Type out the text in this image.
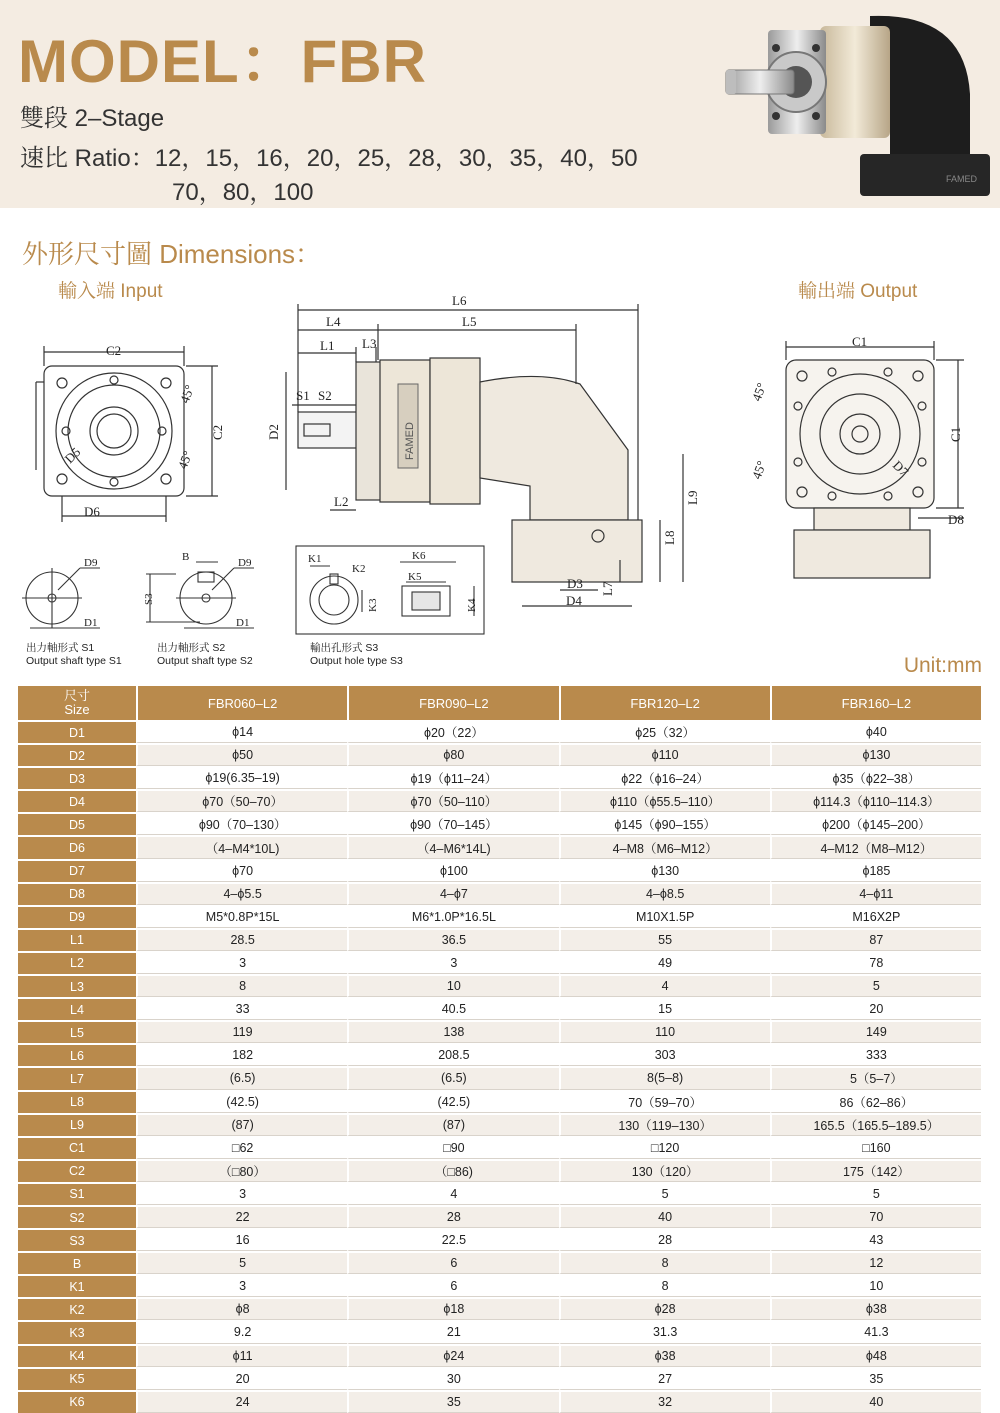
MODEL：FBR
雙段 2–Stage
速比 Ratio：12，15，16，20，25，28，30，35，40，50
70，80，100	FAMED
外形尺寸圖 Dimensions：
輸入端 Input	輸出端 Output
C2
C2
45°
45°
D6
D5	FAMED
L6
L4	L5
L1 L3
S1 S2
D2
L2
L8
L9
L7
D3
D4
C1
C1
45°
45°	D7
D8
D9
D1
B	D9
S3
D1
K1
K2
K3	K4
K5
K6
出力軸形式 S1
Output shaft type S1
出力軸形式 S2
Output shaft type S2
輸出孔形式 S3
Output hole type S3	Unit:mm
尺寸
Size	FBR060–L2	FBR090–L2	FBR120–L2	FBR160–L2
D1	ϕ14	ϕ20（22）	ϕ25（32）	ϕ40
D2	ϕ50	ϕ80	ϕ110	ϕ130
D3	ϕ19(6.35–19)	ϕ19（ϕ11–24）	ϕ22（ϕ16–24）	ϕ35（ϕ22–38）
D4	ϕ70（50–70）	ϕ70（50–110）	ϕ110（ϕ55.5–110）	ϕ114.3（ϕ110–114.3）
D5	ϕ90（70–130）	ϕ90（70–145）	ϕ145（ϕ90–155）	ϕ200（ϕ145–200）
D6	（4–M4*10L)	（4–M6*14L)	4–M8（M6–M12）	4–M12（M8–M12）
D7	ϕ70	ϕ100	ϕ130	ϕ185
D8	4–ϕ5.5	4–ϕ7	4–ϕ8.5	4–ϕ11
D9	M5*0.8P*15L	M6*1.0P*16.5L	M10X1.5P	M16X2P
L1	28.5	36.5	55	87
L2	3	3	49	78
L3	8	10	4	5
L4	33	40.5	15	20
L5	119	138	110	149
L6	182	208.5	303	333
L7	(6.5)	(6.5)	8(5–8)	5（5–7）
L8	(42.5)	(42.5)	70（59–70）	86（62–86）
L9	(87)	(87)	130（119–130）	165.5（165.5–189.5）
C1	□62	□90	□120	□160
C2	（□80）	（□86)	130（120）	175（142）
S1	3	4	5	5
S2	22	28	40	70
S3	16	22.5	28	43
B	5	6	8	12
K1	3	6	8	10
K2	ϕ8	ϕ18	ϕ28	ϕ38
K3	9.2	21	31.3	41.3
K4	ϕ11	ϕ24	ϕ38	ϕ48
K5	20	30	27	35
K6	24	35	32	40
